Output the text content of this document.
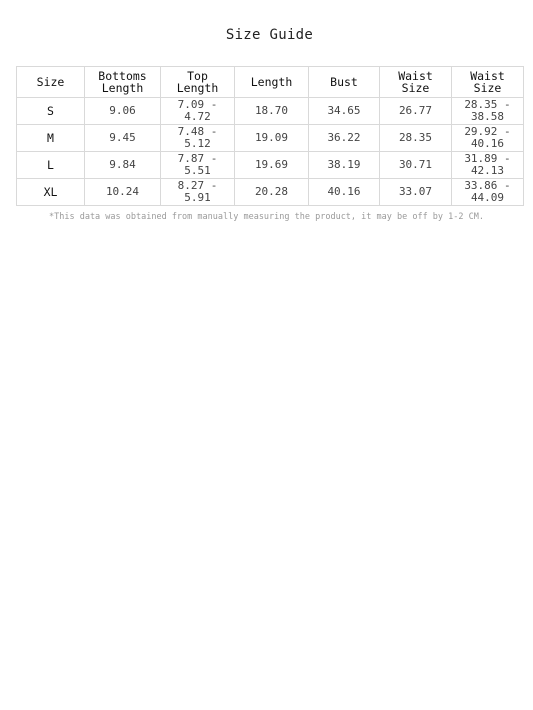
Size Guide
Size	Bottoms Length	Top Length	Length	Bust	Waist Size	Waist Size
S	9.06	7.09 - 4.72	18.70	34.65	26.77	28.35 - 38.58
M	9.45	7.48 - 5.12	19.09	36.22	28.35	29.92 - 40.16
L	9.84	7.87 - 5.51	19.69	38.19	30.71	31.89 - 42.13
XL	10.24	8.27 - 5.91	20.28	40.16	33.07	33.86 - 44.09
*This data was obtained from manually measuring the product, it may be off by 1-2 CM.
